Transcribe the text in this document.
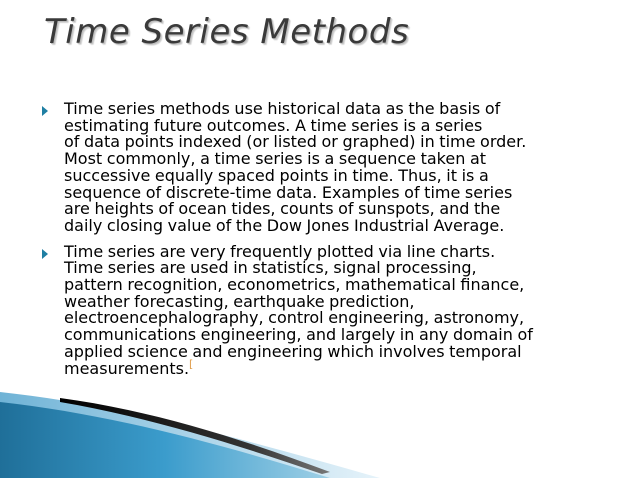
Time Series Methods
Time series methods use historical data as the basis of
estimating future outcomes. A time series is a series
of data points indexed (or listed or graphed) in time order.
Most commonly, a time series is a sequence taken at
successive equally spaced points in time. Thus, it is a
sequence of discrete-time data. Examples of time series
are heights of ocean tides, counts of sunspots, and the
daily closing value of the Dow Jones Industrial Average.
Time series are very frequently plotted via line charts.
Time series are used in statistics, signal processing,
pattern recognition, econometrics, mathematical finance,
weather forecasting, earthquake prediction,
electroencephalography, control engineering, astronomy,
communications engineering, and largely in any domain of
applied science and engineering which involves temporal
measurements.[
